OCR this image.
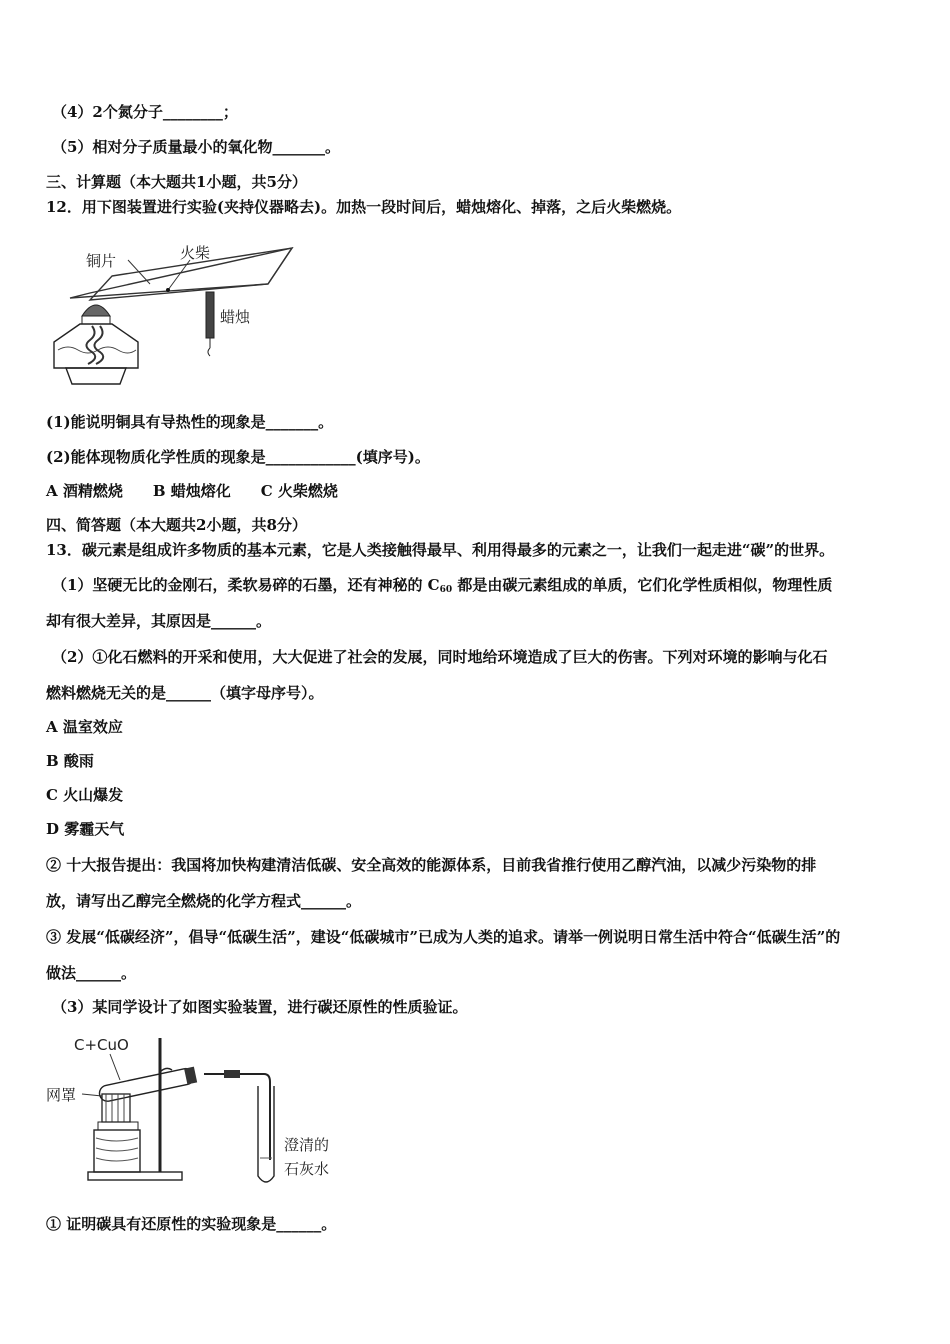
（4）2个氮分子________；
（5）相对分子质量最小的氧化物_______。
三、计算题（本大题共1小题，共5分）
12．用下图装置进行实验(夹持仪器略去)。加热一段时间后，蜡烛熔化、掉落，之后火柴燃烧。
铜片	火柴
蜡烛
(1)能说明铜具有导热性的现象是_______。
(2)能体现物质化学性质的现象是____________(填序号)。
A 酒精燃烧　　B 蜡烛熔化　　C 火柴燃烧
四、简答题（本大题共2小题，共8分）
13．碳元素是组成许多物质的基本元素，它是人类接触得最早、利用得最多的元素之一，让我们一起走进“碳”的世界。
（1）坚硬无比的金刚石，柔软易碎的石墨，还有神秘的 $C_{60}$ 都是由碳元素组成的单质，它们化学性质相似，物理性质
却有很大差异，其原因是______。
（2）①化石燃料的开采和使用，大大促进了社会的发展，同时地给环境造成了巨大的伤害。下列对环境的影响与化石
燃料燃烧无关的是______（填字母序号）。
A 温室效应
B 酸雨
C 火山爆发
D 雾霾天气
② 十大报告提出：我国将加快构建清洁低碳、安全高效的能源体系，目前我省推行使用乙醇汽油，以减少污染物的排
放，请写出乙醇完全燃烧的化学方程式______。
③ 发展“低碳经济”，倡导“低碳生活”，建设“低碳城市”已成为人类的追求。请举一例说明日常生活中符合“低碳生活”的
做法______。
（3）某同学设计了如图实验装置，进行碳还原性的性质验证。
C+CuO
网罩
澄清的
石灰水
① 证明碳具有还原性的实验现象是______。
